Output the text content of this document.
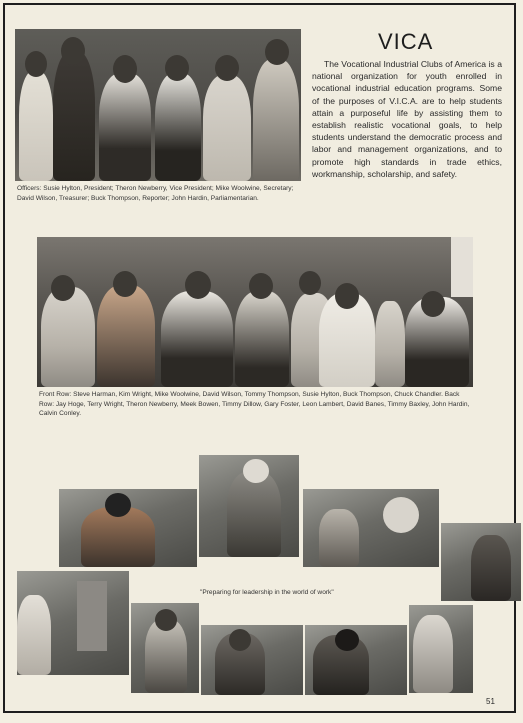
VICA
The Vocational Industrial Clubs of America is a national organization for youth enrolled in vocational industrial education programs. Some of the purposes of V.I.C.A. are to help students attain a purposeful life by assisting them to establish realistic vocational goals, to help students understand the democratic process and labor and management organizations, and to promote high standards in trade ethics, workmanship, scholarship, and safety.
Officers: Susie Hylton, President; Theron Newberry, Vice President; Mike Woolwine, Secretary; David Wilson, Treasurer; Buck Thompson, Reporter; John Hardin, Parliamentarian.
Front Row: Steve Harman, Kim Wright, Mike Woolwine, David Wilson, Tommy Thompson, Susie Hylton, Buck Thompson, Chuck Chandler. Back Row: Jay Hoge, Terry Wright, Theron Newberry, Meek Bowen, Timmy Dillow, Gary Foster, Leon Lambert, David Banes, Timmy Baxley, John Hardin, Calvin Conley.
"Preparing for leadership in the world of work"
51
